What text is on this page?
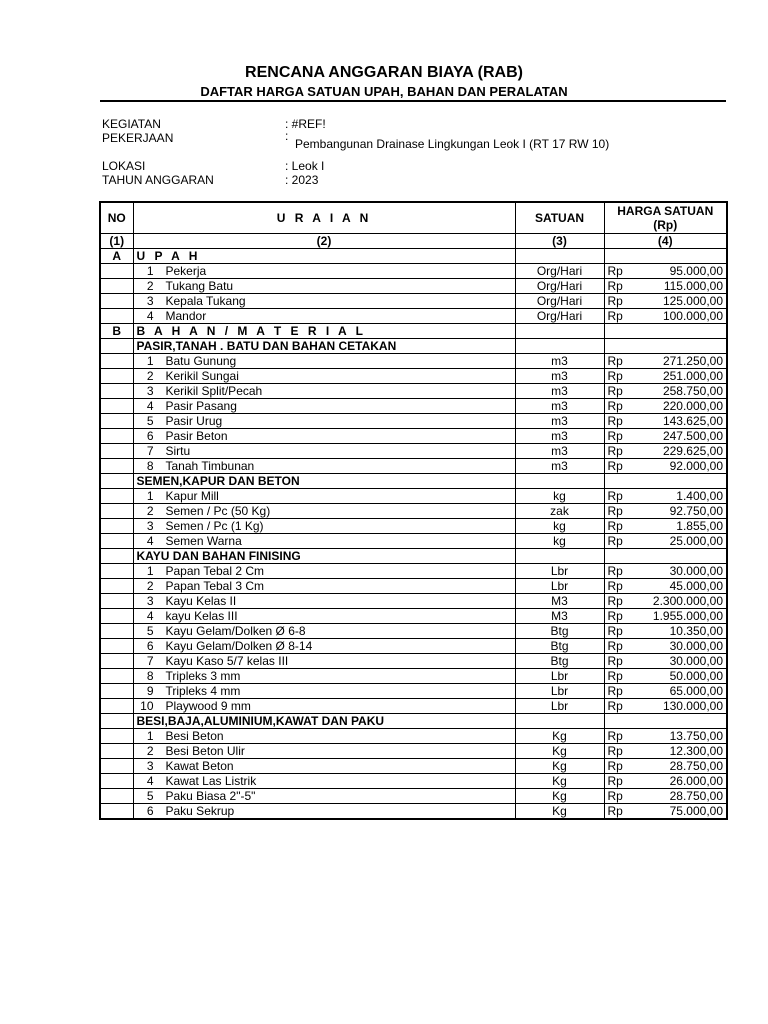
RENCANA ANGGARAN BIAYA (RAB)
DAFTAR HARGA SATUAN UPAH, BAHAN DAN PERALATAN
KEGIATAN	: #REF!
PEKERJAAN	:
Pembangunan Drainase Lingkungan Leok I (RT 17 RW 10)
LOKASI	: Leok I
TAHUN ANGGARAN	: 2023
NO	U R A I A N	SATUAN	HARGA SATUAN
(Rp)	

(1)	(2)	(3)	(4)	
A	U P A H			

	1 Pekerja	Org/Hari	Rp	95.000,00

	2 Tukang Batu	Org/Hari	Rp	115.000,00

	3 Kepala Tukang	Org/Hari	Rp	125.000,00

	4 Mandor	Org/Hari	Rp	100.000,00
B	B A H A N / M A T E R I A L			
	PASIR,TANAH . BATU DAN BAHAN CETAKAN			

	1 Batu Gunung	m3	Rp	271.250,00

	2 Kerikil Sungai	m3	Rp	251.000,00

	3 Kerikil Split/Pecah	m3	Rp	258.750,00

	4 Pasir Pasang	m3	Rp	220.000,00

	5 Pasir Urug	m3	Rp	143.625,00

	6 Pasir Beton	m3	Rp	247.500,00

	7 Sirtu	m3	Rp	229.625,00

	8 Tanah Timbunan	m3	Rp	92.000,00
	SEMEN,KAPUR DAN BETON			

	1 Kapur Mill	kg	Rp	1.400,00

	2 Semen / Pc (50 Kg)	zak	Rp	92.750,00

	3 Semen / Pc (1 Kg)	kg	Rp	1.855,00

	4 Semen Warna	kg	Rp	25.000,00
	KAYU DAN BAHAN FINISING			

	1 Papan Tebal 2 Cm	Lbr	Rp	30.000,00

	2 Papan Tebal 3 Cm	Lbr	Rp	45.000,00

	3 Kayu Kelas II	M3	Rp	2.300.000,00

	4 kayu Kelas III	M3	Rp	1.955.000,00

	5 Kayu Gelam/Dolken Ø 6-8	Btg	Rp	10.350,00

	6 Kayu Gelam/Dolken Ø 8-14	Btg	Rp	30.000,00

	7 Kayu Kaso 5/7 kelas III	Btg	Rp	30.000,00

	8 Tripleks 3 mm	Lbr	Rp	50.000,00

	9 Tripleks 4 mm	Lbr	Rp	65.000,00

	10 Playwood 9 mm	Lbr	Rp	130.000,00
	BESI,BAJA,ALUMINIUM,KAWAT DAN PAKU			

	1 Besi Beton	Kg	Rp	13.750,00

	2 Besi Beton Ulir	Kg	Rp	12.300,00

	3 Kawat Beton	Kg	Rp	28.750,00

	4 Kawat Las Listrik	Kg	Rp	26.000,00

	5 Paku Biasa 2"-5"	Kg	Rp	28.750,00

	6 Paku Sekrup	Kg	Rp	75.000,00
